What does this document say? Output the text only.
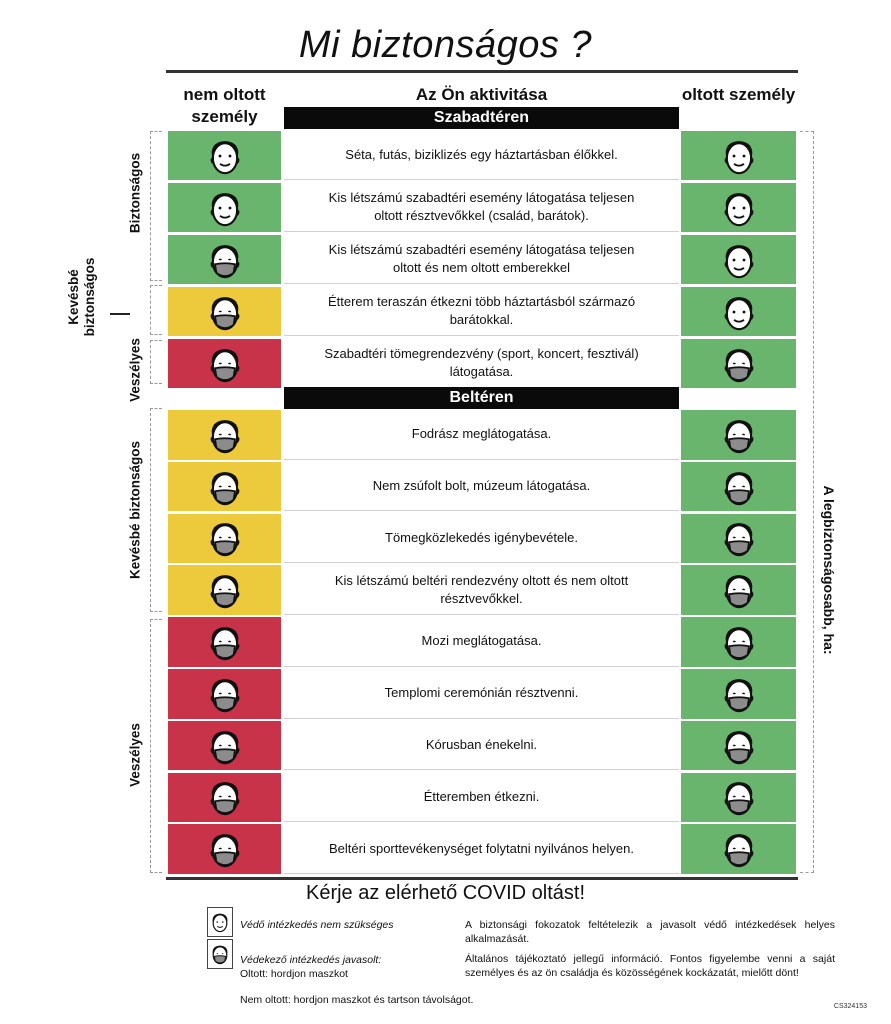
Mi biztonságos ?
nem oltott személy
Az Ön aktivitása	oltott személy
Szabadtéren
Séta, futás, biziklizés egy háztartásban élőkkel.
Kis létszámú szabadtéri esemény látogatása teljesen oltott résztvevőkkel (család, barátok).
Kis létszámú szabadtéri esemény látogatása teljesen oltott és nem oltott emberekkel
Étterem teraszán étkezni több háztartásból származó barátokkal.
Szabadtéri tömegrendezvény (sport, koncert, fesztivál) látogatása.
Beltéren
Fodrász meglátogatása.
Nem zsúfolt bolt, múzeum látogatása.
Tömegközlekedés igénybevétele.
Kis létszámú beltéri rendezvény oltott és nem oltott résztvevőkkel.
Mozi meglátogatása.
Templomi ceremónián résztvenni.
Kórusban énekelni.
Étteremben étkezni.
Beltéri sporttevékenységet folytatni nyilvános helyen.
Biztonságos
Kevésbé
biztonságos
Veszélyes
Kevésbé biztonságos
Veszélyes
A legbiztonságosabb, ha:
Kérje az elérhető COVID oltást!
Védő intézkedés nem szükséges
Védekező intézkedés javasolt:
Oltott: hordjon maszkot
Nem oltott: hordjon maszkot és tartson távolságot.
A biztonsági fokozatok feltételezik a javasolt védő intézkedések helyes alkalmazását.
Általános tájékoztató jellegű információ. Fontos figyelembe venni a saját személyes és az ön családja és közösségének kockázatát, mielőtt dönt!
CS324153
